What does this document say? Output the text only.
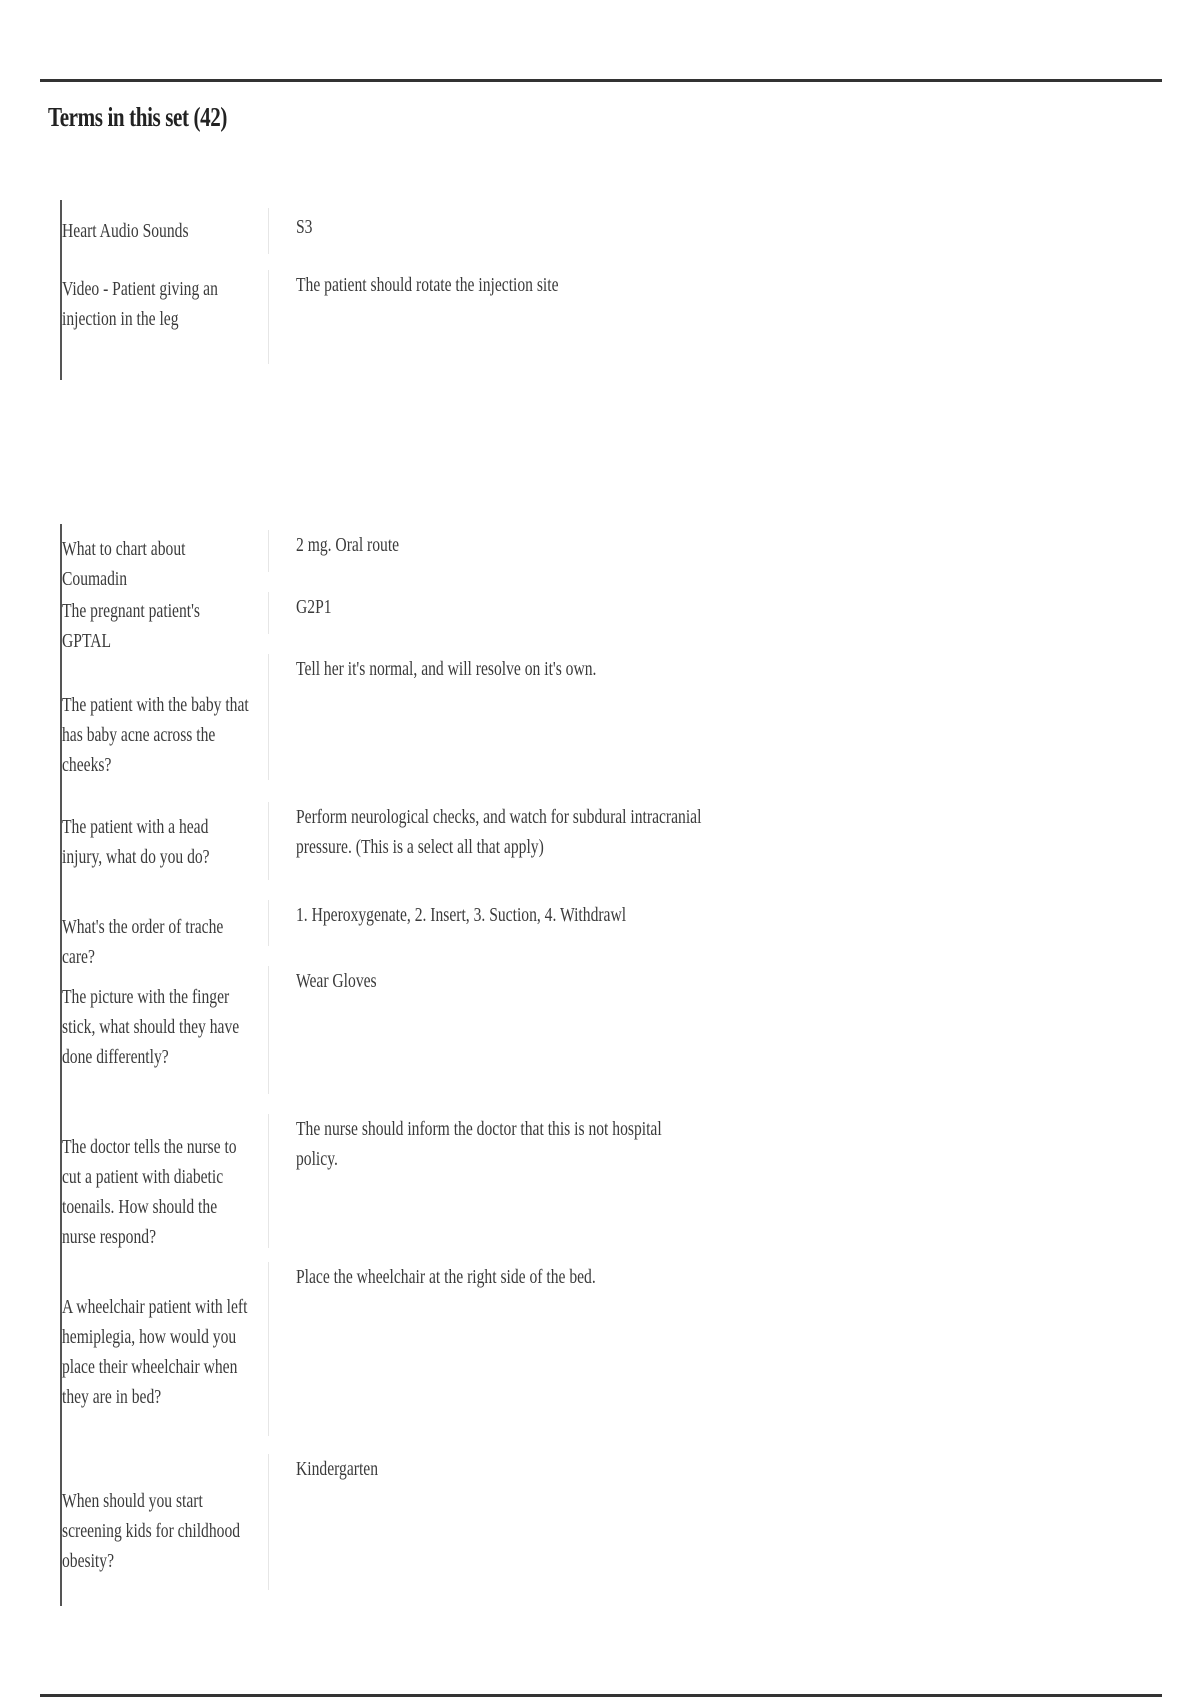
Terms in this set (42)
Heart Audio Sounds	S3
Video - Patient giving an injection in the leg
The patient should rotate the injection site
What to chart about Coumadin
2 mg. Oral route
The pregnant patient's GPTAL
G2P1
The patient with the baby that has baby acne across the cheeks?
Tell her it's normal, and will resolve on it's own.
The patient with a head injury, what do you do?
Perform neurological checks, and watch for subdural intracranial pressure. (This is a select all that apply)
What's the order of trache care?
1. Hperoxygenate, 2. Insert, 3. Suction, 4. Withdrawl
The picture with the finger stick, what should they have done differently?
Wear Gloves
The doctor tells the nurse to cut a patient with diabetic toenails. How should the nurse respond?
The nurse should inform the doctor that this is not hospital policy.
A wheelchair patient with left hemiplegia, how would you place their wheelchair when they are in bed?
Place the wheelchair at the right side of the bed.
When should you start screening kids for childhood obesity?
Kindergarten
